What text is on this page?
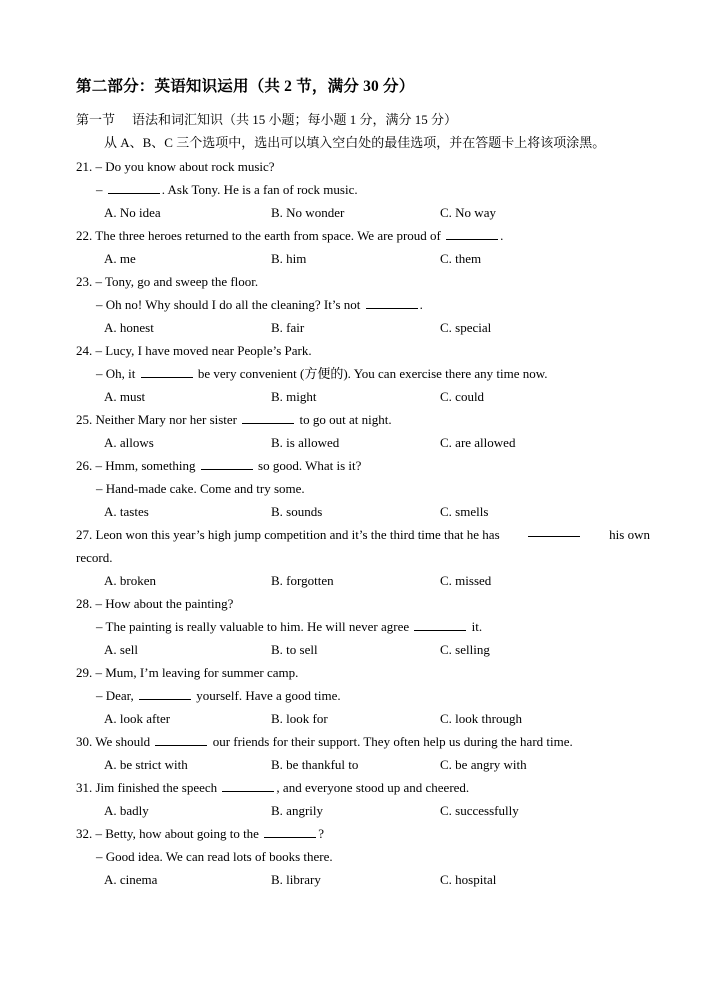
第二部分：英语知识运用（共 2 节，满分 30 分）
第一节 语法和词汇知识（共 15 小题；每小题 1 分，满分 15 分）
从 A、B、C 三个选项中，选出可以填入空白处的最佳选项，并在答题卡上将该项涂黑。
21. – Do you know about rock music?
–	. Ask Tony. He is a fan of rock music.
A. No idea	B. No wonder	C. No way
22. The three heroes returned to the earth from space. We are proud of	.
A. me	B. him	C. them
23. – Tony, go and sweep the floor.
– Oh no! Why should I do all the cleaning? It’s not	.
A. honest	B. fair	C. special
24. – Lucy, I have moved near People’s Park.
– Oh, it	be very convenient (方便的). You can exercise there any time now.
A. must	B. might	C. could
25. Neither Mary nor her sister	to go out at night.
A. allows	B. is allowed	C. are allowed
26. – Hmm, something	so good. What is it?
– Hand-made cake. Come and try some.
A. tastes	B. sounds	C. smells
27. Leon won this year’s high jump competition and it’s the third time that he has	his own
record.
A. broken	B. forgotten	C. missed
28. – How about the painting?
– The painting is really valuable to him. He will never agree	it.
A. sell	B. to sell	C. selling
29. – Mum, I’m leaving for summer camp.
– Dear,	yourself. Have a good time.
A. look after	B. look for	C. look through
30. We should	our friends for their support. They often help us during the hard time.
A. be strict with	B. be thankful to	C. be angry with
31. Jim finished the speech	, and everyone stood up and cheered.
A. badly	B. angrily	C. successfully
32. – Betty, how about going to the	?
– Good idea. We can read lots of books there.
A. cinema	B. library	C. hospital
